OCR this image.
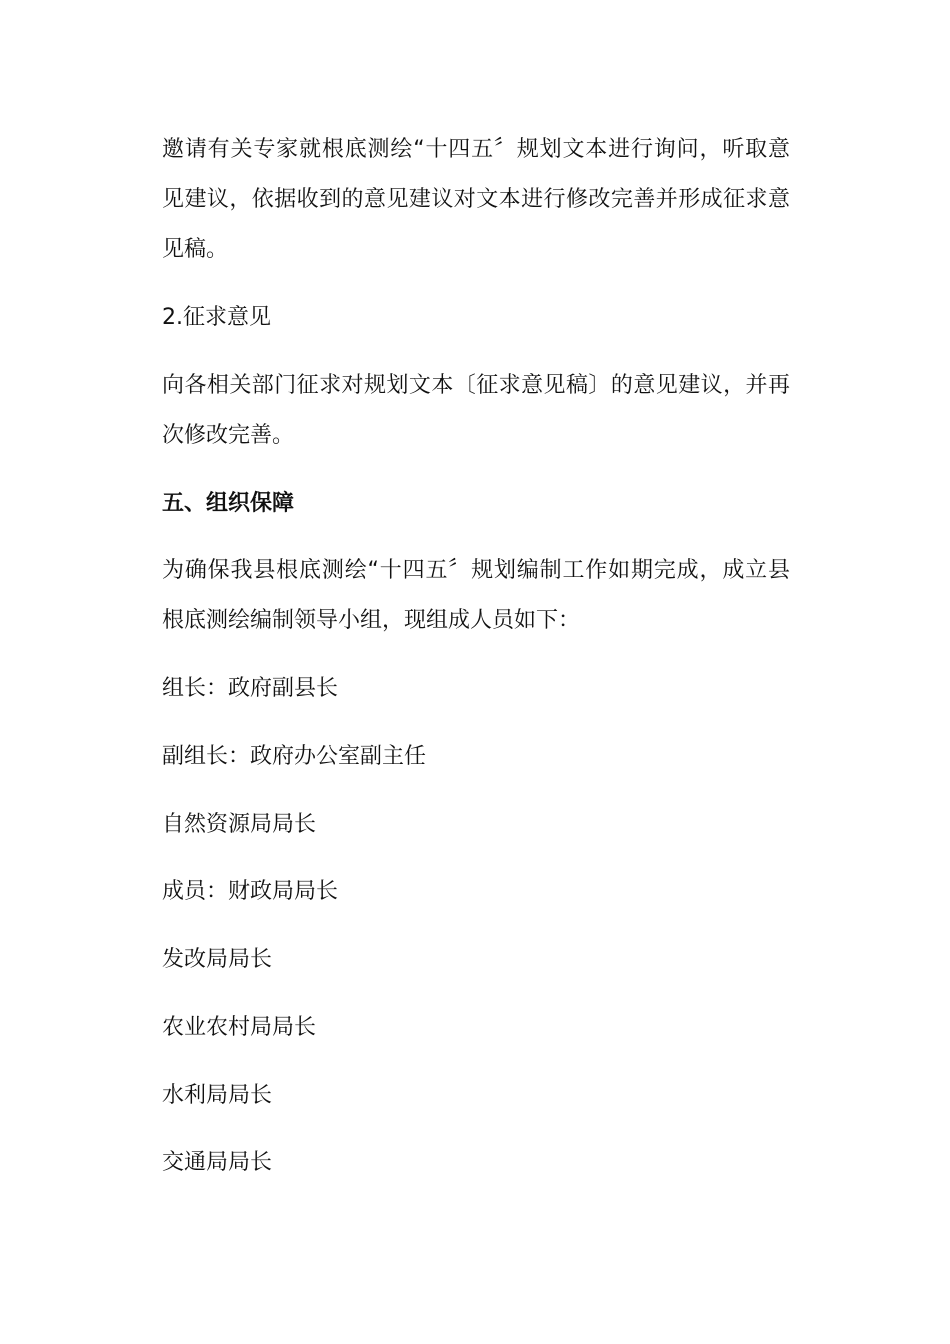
邀请有关专家就根底测绘“十四五〞规划文本进行询问，听取意
见建议，依据收到的意见建议对文本进行修改完善并形成征求意
见稿。
2.征求意见
向各相关部门征求对规划文本〔征求意见稿〕的意见建议，并再
次修改完善。
五、组织保障
为确保我县根底测绘“十四五〞规划编制工作如期完成，成立县
根底测绘编制领导小组，现组成人员如下：
组长：政府副县长
副组长：政府办公室副主任
自然资源局局长
成员：财政局局长
发改局局长
农业农村局局长
水利局局长
交通局局长
